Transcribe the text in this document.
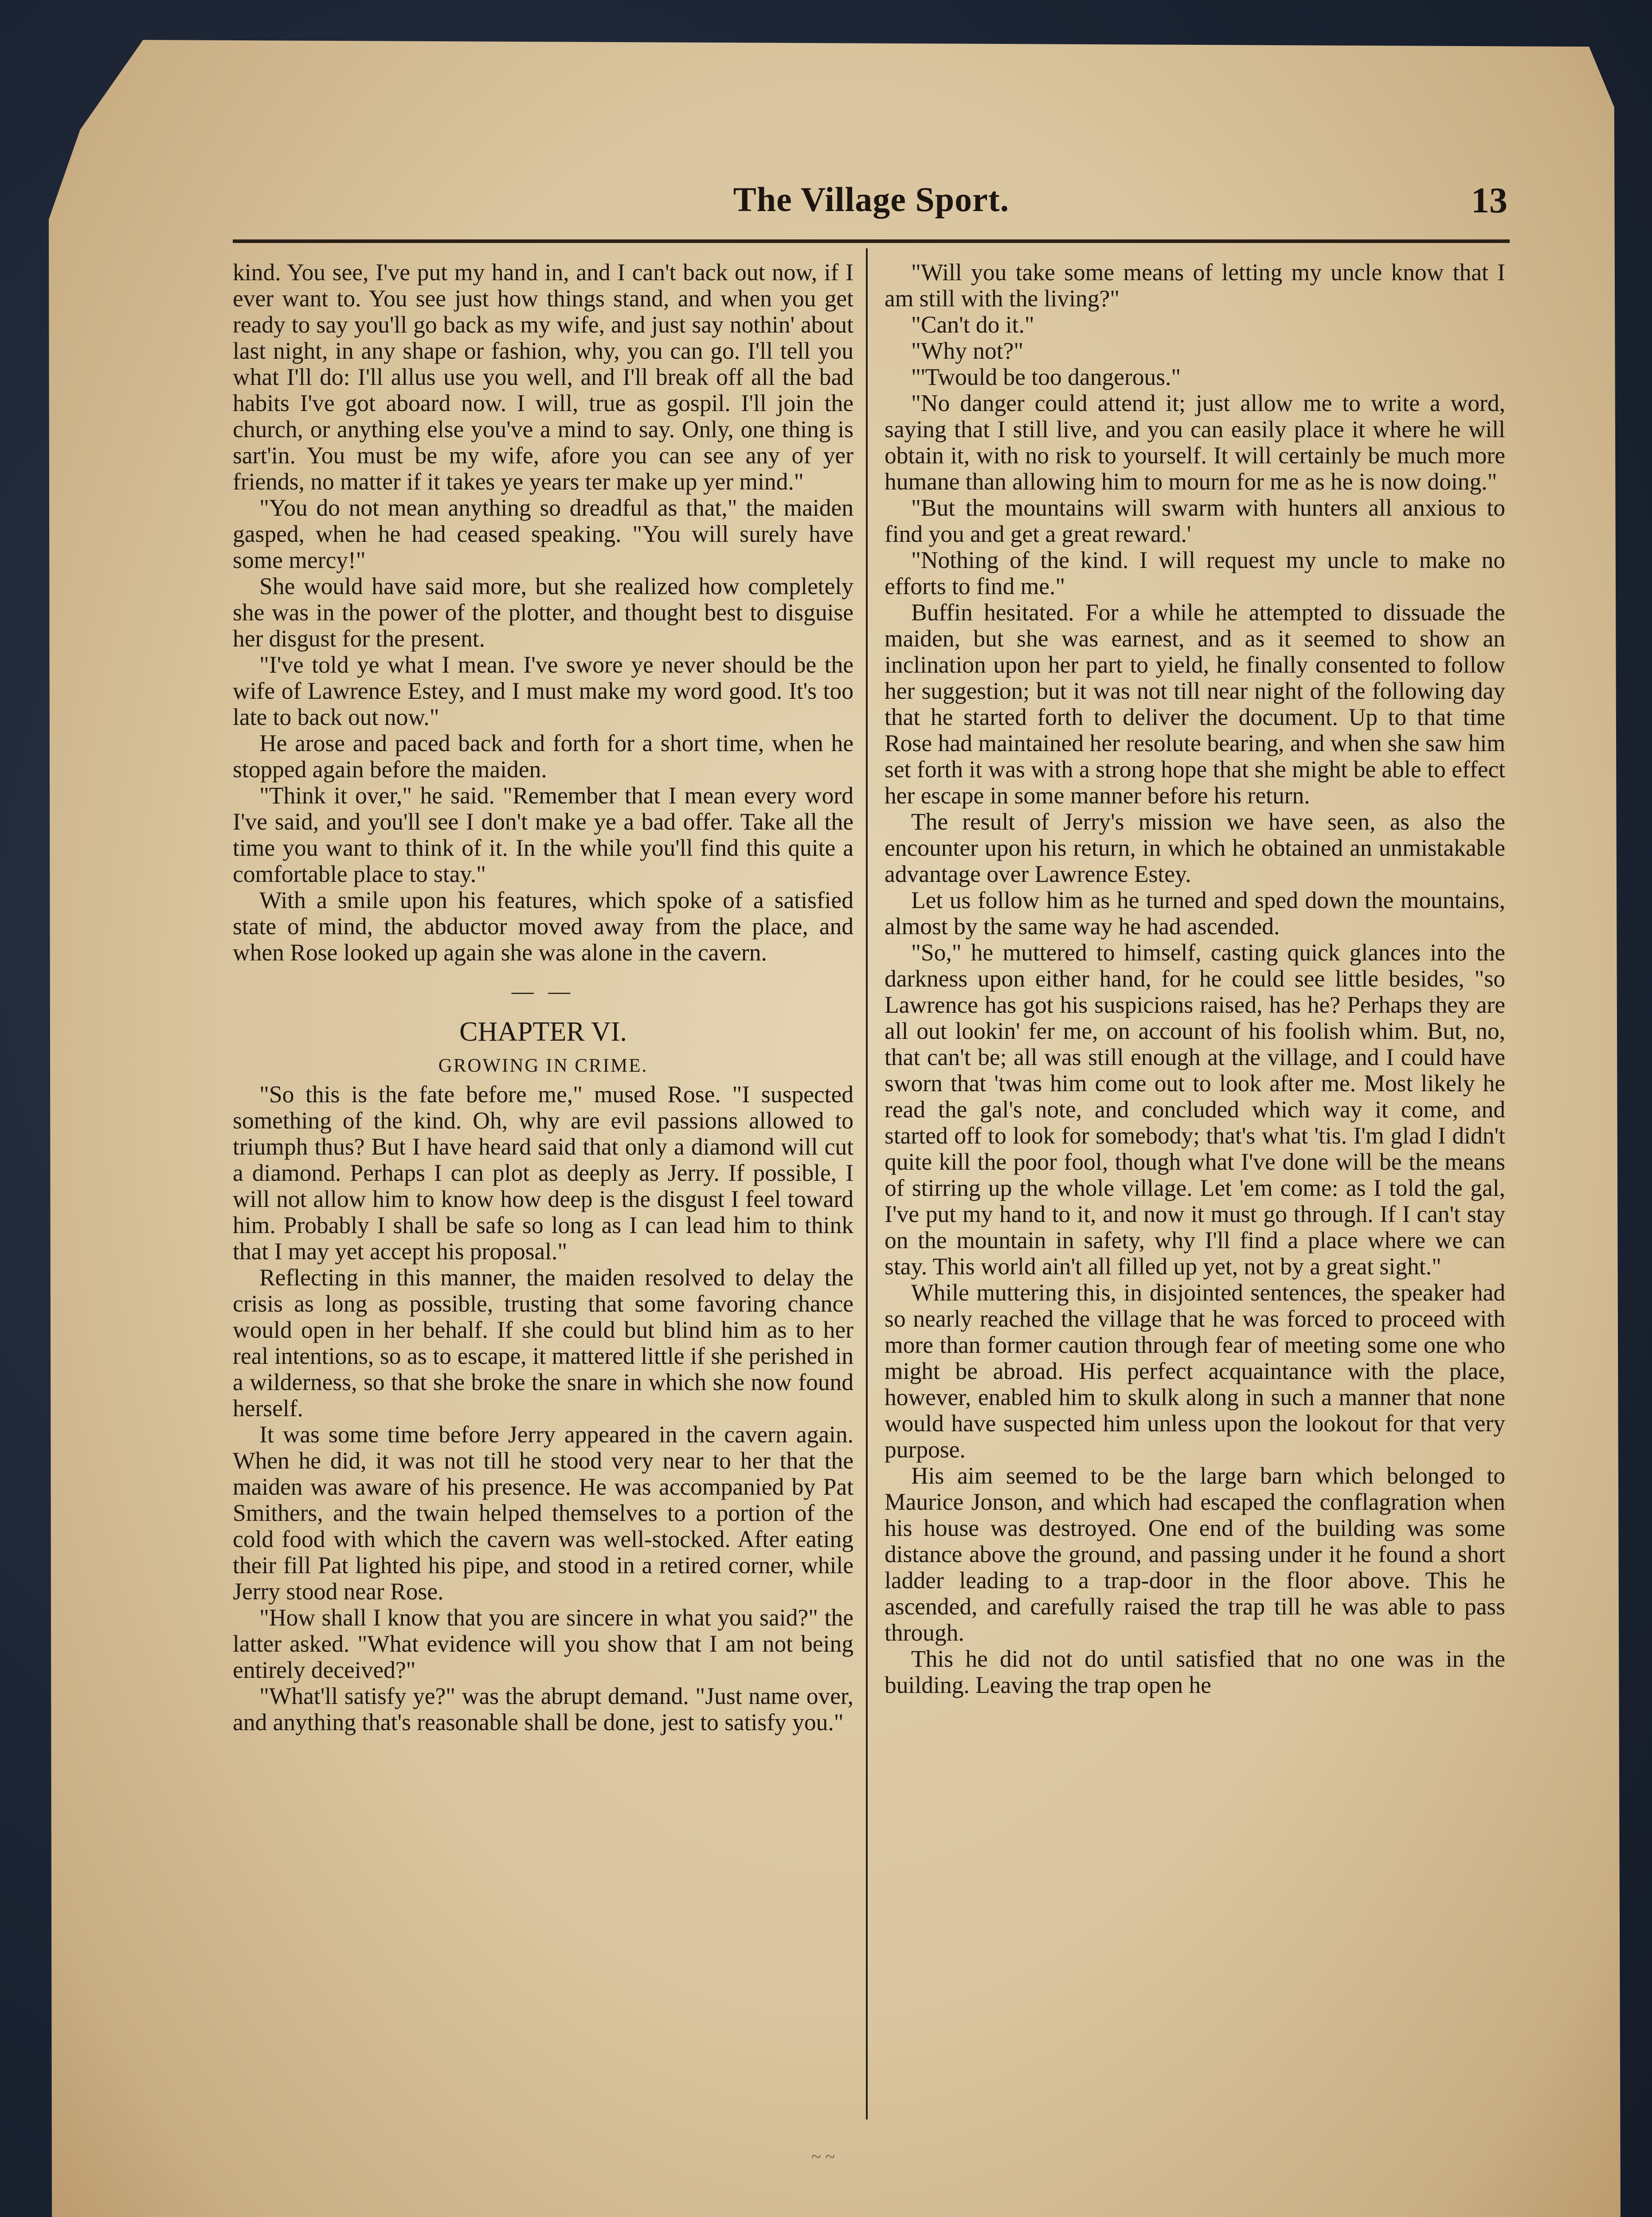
The Village Sport.	13

kind. You see, I've put my hand in, and I can't back out now, if I ever want to. You see just how things stand, and when you get ready to say you'll go back as my wife, and just say nothin' about last night, in any shape or fashion, why, you can go. I'll tell you what I'll do: I'll allus use you well, and I'll break off all the bad habits I've got aboard now. I will, true as gospil. I'll join the church, or anything else you've a mind to say. Only, one thing is sart'in. You must be my wife, afore you can see any of yer friends, no matter if it takes ye years ter make up yer mind."

"You do not mean anything so dreadful as that," the maiden gasped, when he had ceased speaking. "You will surely have some mercy!"

She would have said more, but she realized how completely she was in the power of the plotter, and thought best to disguise her disgust for the present.

"I've told ye what I mean. I've swore ye never should be the wife of Lawrence Estey, and I must make my word good. It's too late to back out now."

He arose and paced back and forth for a short time, when he stopped again before the maiden.

"Think it over," he said. "Remember that I mean every word I've said, and you'll see I don't make ye a bad offer. Take all the time you want to think of it. In the while you'll find this quite a comfortable place to stay."

With a smile upon his features, which spoke of a satisfied state of mind, the abductor moved away from the place, and when Rose looked up again she was alone in the cavern.

— —
CHAPTER VI.
GROWING IN CRIME.

"So this is the fate before me," mused Rose. "I suspected something of the kind. Oh, why are evil passions allowed to triumph thus? But I have heard said that only a diamond will cut a diamond. Perhaps I can plot as deeply as Jerry. If possible, I will not allow him to know how deep is the disgust I feel toward him. Probably I shall be safe so long as I can lead him to think that I may yet accept his proposal."

Reflecting in this manner, the maiden resolved to delay the crisis as long as possible, trusting that some favoring chance would open in her behalf. If she could but blind him as to her real intentions, so as to escape, it mattered little if she perished in a wilderness, so that she broke the snare in which she now found herself.

It was some time before Jerry appeared in the cavern again. When he did, it was not till he stood very near to her that the maiden was aware of his presence. He was accompanied by Pat Smithers, and the twain helped themselves to a portion of the cold food with which the cavern was well-stocked. After eating their fill Pat lighted his pipe, and stood in a retired corner, while Jerry stood near Rose.

"How shall I know that you are sincere in what you said?" the latter asked. "What evidence will you show that I am not being entirely deceived?"

"What'll satisfy ye?" was the abrupt demand. "Just name over, and anything that's reasonable shall be done, jest to satisfy you."

"Will you take some means of letting my uncle know that I am still with the living?"

"Can't do it."

"Why not?"

"'Twould be too dangerous."

"No danger could attend it; just allow me to write a word, saying that I still live, and you can easily place it where he will obtain it, with no risk to yourself. It will certainly be much more humane than allowing him to mourn for me as he is now doing."

"But the mountains will swarm with hunters all anxious to find you and get a great reward.'

"Nothing of the kind. I will request my uncle to make no efforts to find me."

Buffin hesitated. For a while he attempted to dissuade the maiden, but she was earnest, and as it seemed to show an inclination upon her part to yield, he finally consented to follow her suggestion; but it was not till near night of the following day that he started forth to deliver the document. Up to that time Rose had maintained her resolute bearing, and when she saw him set forth it was with a strong hope that she might be able to effect her escape in some manner before his return.

The result of Jerry's mission we have seen, as also the encounter upon his return, in which he obtained an unmistakable advantage over Lawrence Estey.

Let us follow him as he turned and sped down the mountains, almost by the same way he had ascended.

"So," he muttered to himself, casting quick glances into the darkness upon either hand, for he could see little besides, "so Lawrence has got his suspicions raised, has he? Perhaps they are all out lookin' fer me, on account of his foolish whim. But, no, that can't be; all was still enough at the village, and I could have sworn that 'twas him come out to look after me. Most likely he read the gal's note, and concluded which way it come, and started off to look for somebody; that's what 'tis. I'm glad I didn't quite kill the poor fool, though what I've done will be the means of stirring up the whole village. Let 'em come: as I told the gal, I've put my hand to it, and now it must go through. If I can't stay on the mountain in safety, why I'll find a place where we can stay. This world ain't all filled up yet, not by a great sight."

While muttering this, in disjointed sentences, the speaker had so nearly reached the village that he was forced to proceed with more than former caution through fear of meeting some one who might be abroad. His perfect acquaintance with the place, however, enabled him to skulk along in such a manner that none would have suspected him unless upon the lookout for that very purpose.

His aim seemed to be the large barn which belonged to Maurice Jonson, and which had escaped the conflagration when his house was destroyed. One end of the building was some distance above the ground, and passing under it he found a short ladder leading to a trap-door in the floor above. This he ascended, and carefully raised the trap till he was able to pass through.

This he did not do until satisfied that no one was in the building. Leaving the trap open he

~ ~
